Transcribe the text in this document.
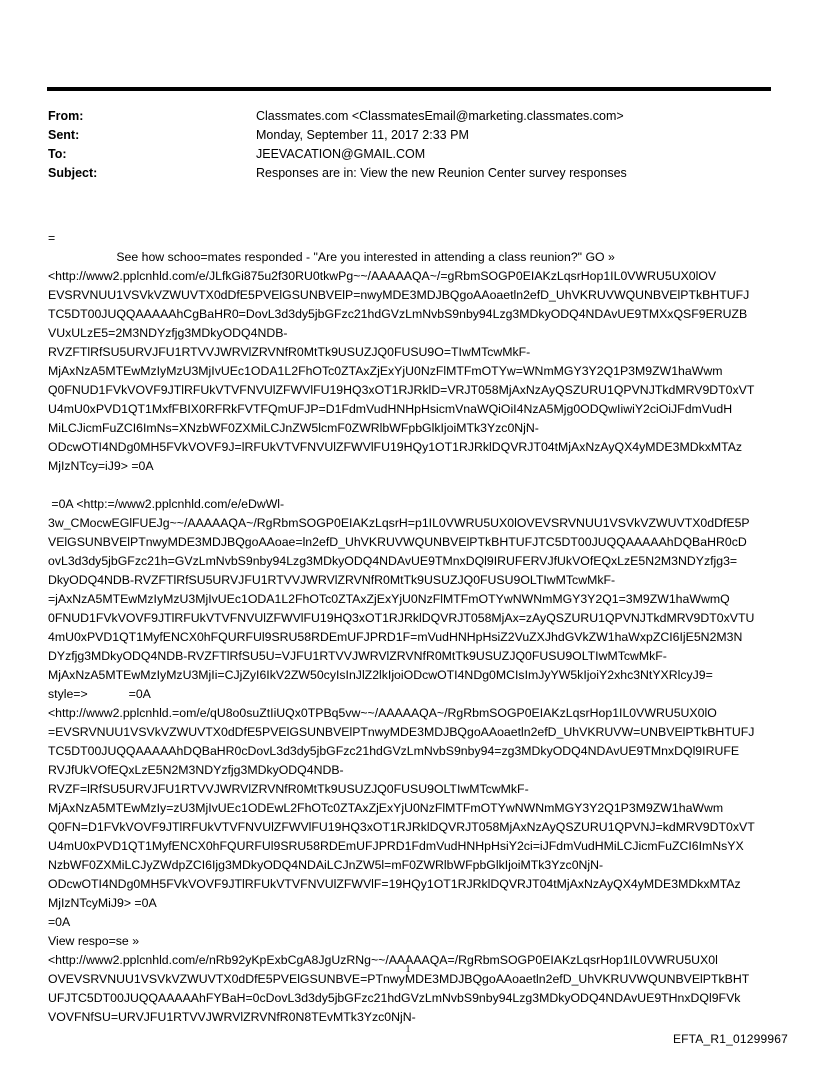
From:	Classmates.com <ClassmatesEmail@marketing.classmates.com>
Sent:	Monday, September 11, 2017 2:33 PM
To:	JEEVACATION@GMAIL.COM
Subject:	Responses are in: View the new Reunion Center survey responses
=
See how schoo=mates responded - "Are you interested in attending a class reunion?" GO »
<http://www2.pplcnhld.com/e/JLfkGi875u2f30RU0tkwPg~~/AAAAAQA~/=gRbmSOGP0EIAKzLqsrHop1IL0VWRU5UX0lOV
EVSRVNUU1VSVkVZWUVTX0dDfE5PVElGSUNBVElP=nwyMDE3MDJBQgoAAoaetln2efD_UhVKRUVWQUNBVElPTkBHTUFJ
TC5DT00JUQQAAAAAhCgBaHR0=DovL3d3dy5jbGFzc21hdGVzLmNvbS9nby94Lzg3MDkyODQ4NDAvUE9TMXxQSF9ERUZB
VUxULzE5=2M3NDYzfjg3MDkyODQ4NDB-
RVZFTlRfSU5URVJFU1RTVVJWRVlZRVNfR0MtTk9USUZJQ0FUSU9O=TIwMTcwMkF-
MjAxNzA5MTEwMzIyMzU3MjIvUEc1ODA1L2FhOTc0ZTAxZjExYjU0NzFlMTFmOTYw=WNmMGY3Y2Q1P3M9ZW1haWwm
Q0FNUD1FVkVOVF9JTlRFUkVTVFNVUlZFWVlFU19HQ3xOT1RJRklD=VRJT058MjAxNzAyQSZURU1QPVNJTkdMRV9DT0xVT
U4mU0xPVD1QT1MxfFBIX0RFRkFVTFQmUFJP=D1FdmVudHNHpHsicmVnaWQiOiI4NzA5Mjg0ODQwIiwiY2ciOiJFdmVudH
MiLCJicmFuZCI6ImNs=XNzbWF0ZXMiLCJnZW5lcmF0ZWRlbWFpbGlkIjoiMTk3Yzc0NjN-
ODcwOTI4NDg0MH5FVkVOVF9J=lRFUkVTVFNVUlZFWVlFU19HQy1OT1RJRklDQVRJT04tMjAxNzAyQX4yMDE3MDkxMTAz
MjIzNTcy=iJ9> =0A

=0A <http:=/www2.pplcnhld.com/e/eDwWl-
3w_CMocwEGlFUEJg~~/AAAAAQA~/RgRbmSOGP0EIAKzLqsrH=p1IL0VWRU5UX0lOVEVSRVNUU1VSVkVZWUVTX0dDfE5P
VElGSUNBVElPTnwyMDE3MDJBQgoAAoae=ln2efD_UhVKRUVWQUNBVElPTkBHTUFJTC5DT00JUQQAAAAAhDQBaHR0cD
ovL3d3dy5jbGFzc21h=GVzLmNvbS9nby94Lzg3MDkyODQ4NDAvUE9TMnxDQl9IRUFERVJfUkVOfEQxLzE5N2M3NDYzfjg3=
DkyODQ4NDB-RVZFTlRfSU5URVJFU1RTVVJWRVlZRVNfR0MtTk9USUZJQ0FUSU9OLTIwMTcwMkF-
=jAxNzA5MTEwMzIyMzU3MjIvUEc1ODA1L2FhOTc0ZTAxZjExYjU0NzFlMTFmOTYwNWNmMGY3Y2Q1=3M9ZW1haWwmQ
0FNUD1FVkVOVF9JTlRFUkVTVFNVUlZFWVlFU19HQ3xOT1RJRklDQVRJT058MjAx=zAyQSZURU1QPVNJTkdMRV9DT0xVTU
4mU0xPVD1QT1MyfENCX0hFQURFUl9SRU58RDEmUFJPRD1F=mVudHNHpHsiZ2VuZXJhdGVkZW1haWxpZCI6IjE5N2M3N
DYzfjg3MDkyODQ4NDB-RVZFTlRfSU5U=VJFU1RTVVJWRVlZRVNfR0MtTk9USUZJQ0FUSU9OLTIwMTcwMkF-
MjAxNzA5MTEwMzIyMzU3MjIi=CJjZyI6IkV2ZW50cyIsInJlZ2lkIjoiODcwOTI4NDg0MCIsImJyYW5kIjoiY2xhc3NtYXRlcyJ9=
style=>            =0A
<http://www2.pplcnhld.=om/e/qU8o0suZtIiUQx0TPBq5vw~~/AAAAAQA~/RgRbmSOGP0EIAKzLqsrHop1IL0VWRU5UX0lO
=EVSRVNUU1VSVkVZWUVTX0dDfE5PVElGSUNBVElPTnwyMDE3MDJBQgoAAoaetln2efD_UhVKRUVW=UNBVElPTkBHTUFJ
TC5DT00JUQQAAAAAhDQBaHR0cDovL3d3dy5jbGFzc21hdGVzLmNvbS9nby94=zg3MDkyODQ4NDAvUE9TMnxDQl9IRUFE
RVJfUkVOfEQxLzE5N2M3NDYzfjg3MDkyODQ4NDB-
RVZF=lRfSU5URVJFU1RTVVJWRVlZRVNfR0MtTk9USUZJQ0FUSU9OLTIwMTcwMkF-
MjAxNzA5MTEwMzIy=zU3MjIvUEc1ODEwL2FhOTc0ZTAxZjExYjU0NzFlMTFmOTYwNWNmMGY3Y2Q1P3M9ZW1haWwm
Q0FN=D1FVkVOVF9JTlRFUkVTVFNVUlZFWVlFU19HQ3xOT1RJRklDQVRJT058MjAxNzAyQSZURU1QPVNJ=kdMRV9DT0xVT
U4mU0xPVD1QT1MyfENCX0hFQURFUl9SRU58RDEmUFJPRD1FdmVudHNHpHsiY2ci=iJFdmVudHMiLCJicmFuZCI6ImNsYX
NzbWF0ZXMiLCJyZWdpZCI6Ijg3MDkyODQ4NDAiLCJnZW5l=mF0ZWRlbWFpbGlkIjoiMTk3Yzc0NjN-
ODcwOTI4NDg0MH5FVkVOVF9JTlRFUkVTVFNVUlZFWVlF=19HQy1OT1RJRklDQVRJT04tMjAxNzAyQX4yMDE3MDkxMTAz
MjIzNTcyMiJ9> =0A
=0A
View respo=se »
<http://www2.pplcnhld.com/e/nRb92yKpExbCgA8JgUzRNg~~/AAAAAQA=/RgRbmSOGP0EIAKzLqsrHop1IL0VWRU5UX0l
OVEVSRVNUU1VSVkVZWUVTX0dDfE5PVElGSUNBVE=PTnwyMDE3MDJBQgoAAoaetln2efD_UhVKRUVWQUNBVElPTkBHT
UFJTC5DT00JUQQAAAAAhFYBaH=0cDovL3d3dy5jbGFzc21hdGVzLmNvbS9nby94Lzg3MDkyODQ4NDAvUE9THnxDQl9FVk
VOVFNfSU=URVJFU1RTVVJWRVlZRVNfR0N8TEvMTk3Yzc0NjN-
1
EFTA_R1_01299967
